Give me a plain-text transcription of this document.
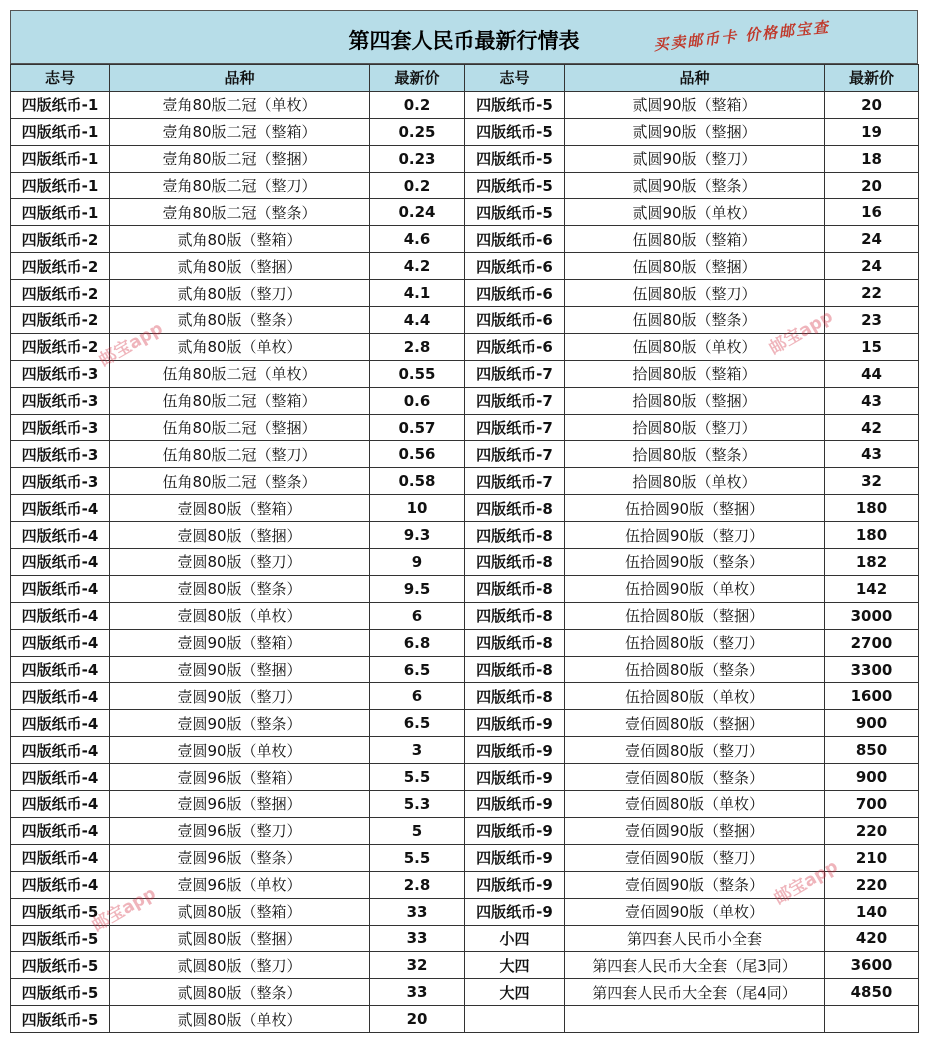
第四套人民币最新行情表	买卖邮币卡 价格邮宝查
志号	品种	最新价	志号	品种	最新价
四版纸币-1	壹角80版二冠（单枚）	0.2	四版纸币-5	贰圆90版（整箱）	20
四版纸币-1	壹角80版二冠（整箱）	0.25	四版纸币-5	贰圆90版（整捆）	19
四版纸币-1	壹角80版二冠（整捆）	0.23	四版纸币-5	贰圆90版（整刀）	18
四版纸币-1	壹角80版二冠（整刀）	0.2	四版纸币-5	贰圆90版（整条）	20
四版纸币-1	壹角80版二冠（整条）	0.24	四版纸币-5	贰圆90版（单枚）	16
四版纸币-2	贰角80版（整箱）	4.6	四版纸币-6	伍圆80版（整箱）	24
四版纸币-2	贰角80版（整捆）	4.2	四版纸币-6	伍圆80版（整捆）	24
四版纸币-2	贰角80版（整刀）	4.1	四版纸币-6	伍圆80版（整刀）	22
四版纸币-2	贰角80版（整条）	4.4	四版纸币-6	伍圆80版（整条）	23
四版纸币-2	贰角80版（单枚）	2.8	四版纸币-6	伍圆80版（单枚）	15
四版纸币-3	伍角80版二冠（单枚）	0.55	四版纸币-7	拾圆80版（整箱）	44
四版纸币-3	伍角80版二冠（整箱）	0.6	四版纸币-7	拾圆80版（整捆）	43
四版纸币-3	伍角80版二冠（整捆）	0.57	四版纸币-7	拾圆80版（整刀）	42
四版纸币-3	伍角80版二冠（整刀）	0.56	四版纸币-7	拾圆80版（整条）	43
四版纸币-3	伍角80版二冠（整条）	0.58	四版纸币-7	拾圆80版（单枚）	32
四版纸币-4	壹圆80版（整箱）	10	四版纸币-8	伍拾圆90版（整捆）	180
四版纸币-4	壹圆80版（整捆）	9.3	四版纸币-8	伍拾圆90版（整刀）	180
四版纸币-4	壹圆80版（整刀）	9	四版纸币-8	伍拾圆90版（整条）	182
四版纸币-4	壹圆80版（整条）	9.5	四版纸币-8	伍拾圆90版（单枚）	142
四版纸币-4	壹圆80版（单枚）	6	四版纸币-8	伍拾圆80版（整捆）	3000
四版纸币-4	壹圆90版（整箱）	6.8	四版纸币-8	伍拾圆80版（整刀）	2700
四版纸币-4	壹圆90版（整捆）	6.5	四版纸币-8	伍拾圆80版（整条）	3300
四版纸币-4	壹圆90版（整刀）	6	四版纸币-8	伍拾圆80版（单枚）	1600
四版纸币-4	壹圆90版（整条）	6.5	四版纸币-9	壹佰圆80版（整捆）	900
四版纸币-4	壹圆90版（单枚）	3	四版纸币-9	壹佰圆80版（整刀）	850
四版纸币-4	壹圆96版（整箱）	5.5	四版纸币-9	壹佰圆80版（整条）	900
四版纸币-4	壹圆96版（整捆）	5.3	四版纸币-9	壹佰圆80版（单枚）	700
四版纸币-4	壹圆96版（整刀）	5	四版纸币-9	壹佰圆90版（整捆）	220
四版纸币-4	壹圆96版（整条）	5.5	四版纸币-9	壹佰圆90版（整刀）	210
四版纸币-4	壹圆96版（单枚）	2.8	四版纸币-9	壹佰圆90版（整条）	220
四版纸币-5	贰圆80版（整箱）	33	四版纸币-9	壹佰圆90版（单枚）	140
四版纸币-5	贰圆80版（整捆）	33	小四	第四套人民币小全套	420
四版纸币-5	贰圆80版（整刀）	32	大四	第四套人民币大全套（尾3同）	3600
四版纸币-5	贰圆80版（整条）	33	大四	第四套人民币大全套（尾4同）	4850
四版纸币-5	贰圆80版（单枚）	20			
邮宝app	邮宝app
邮宝app
邮宝app
